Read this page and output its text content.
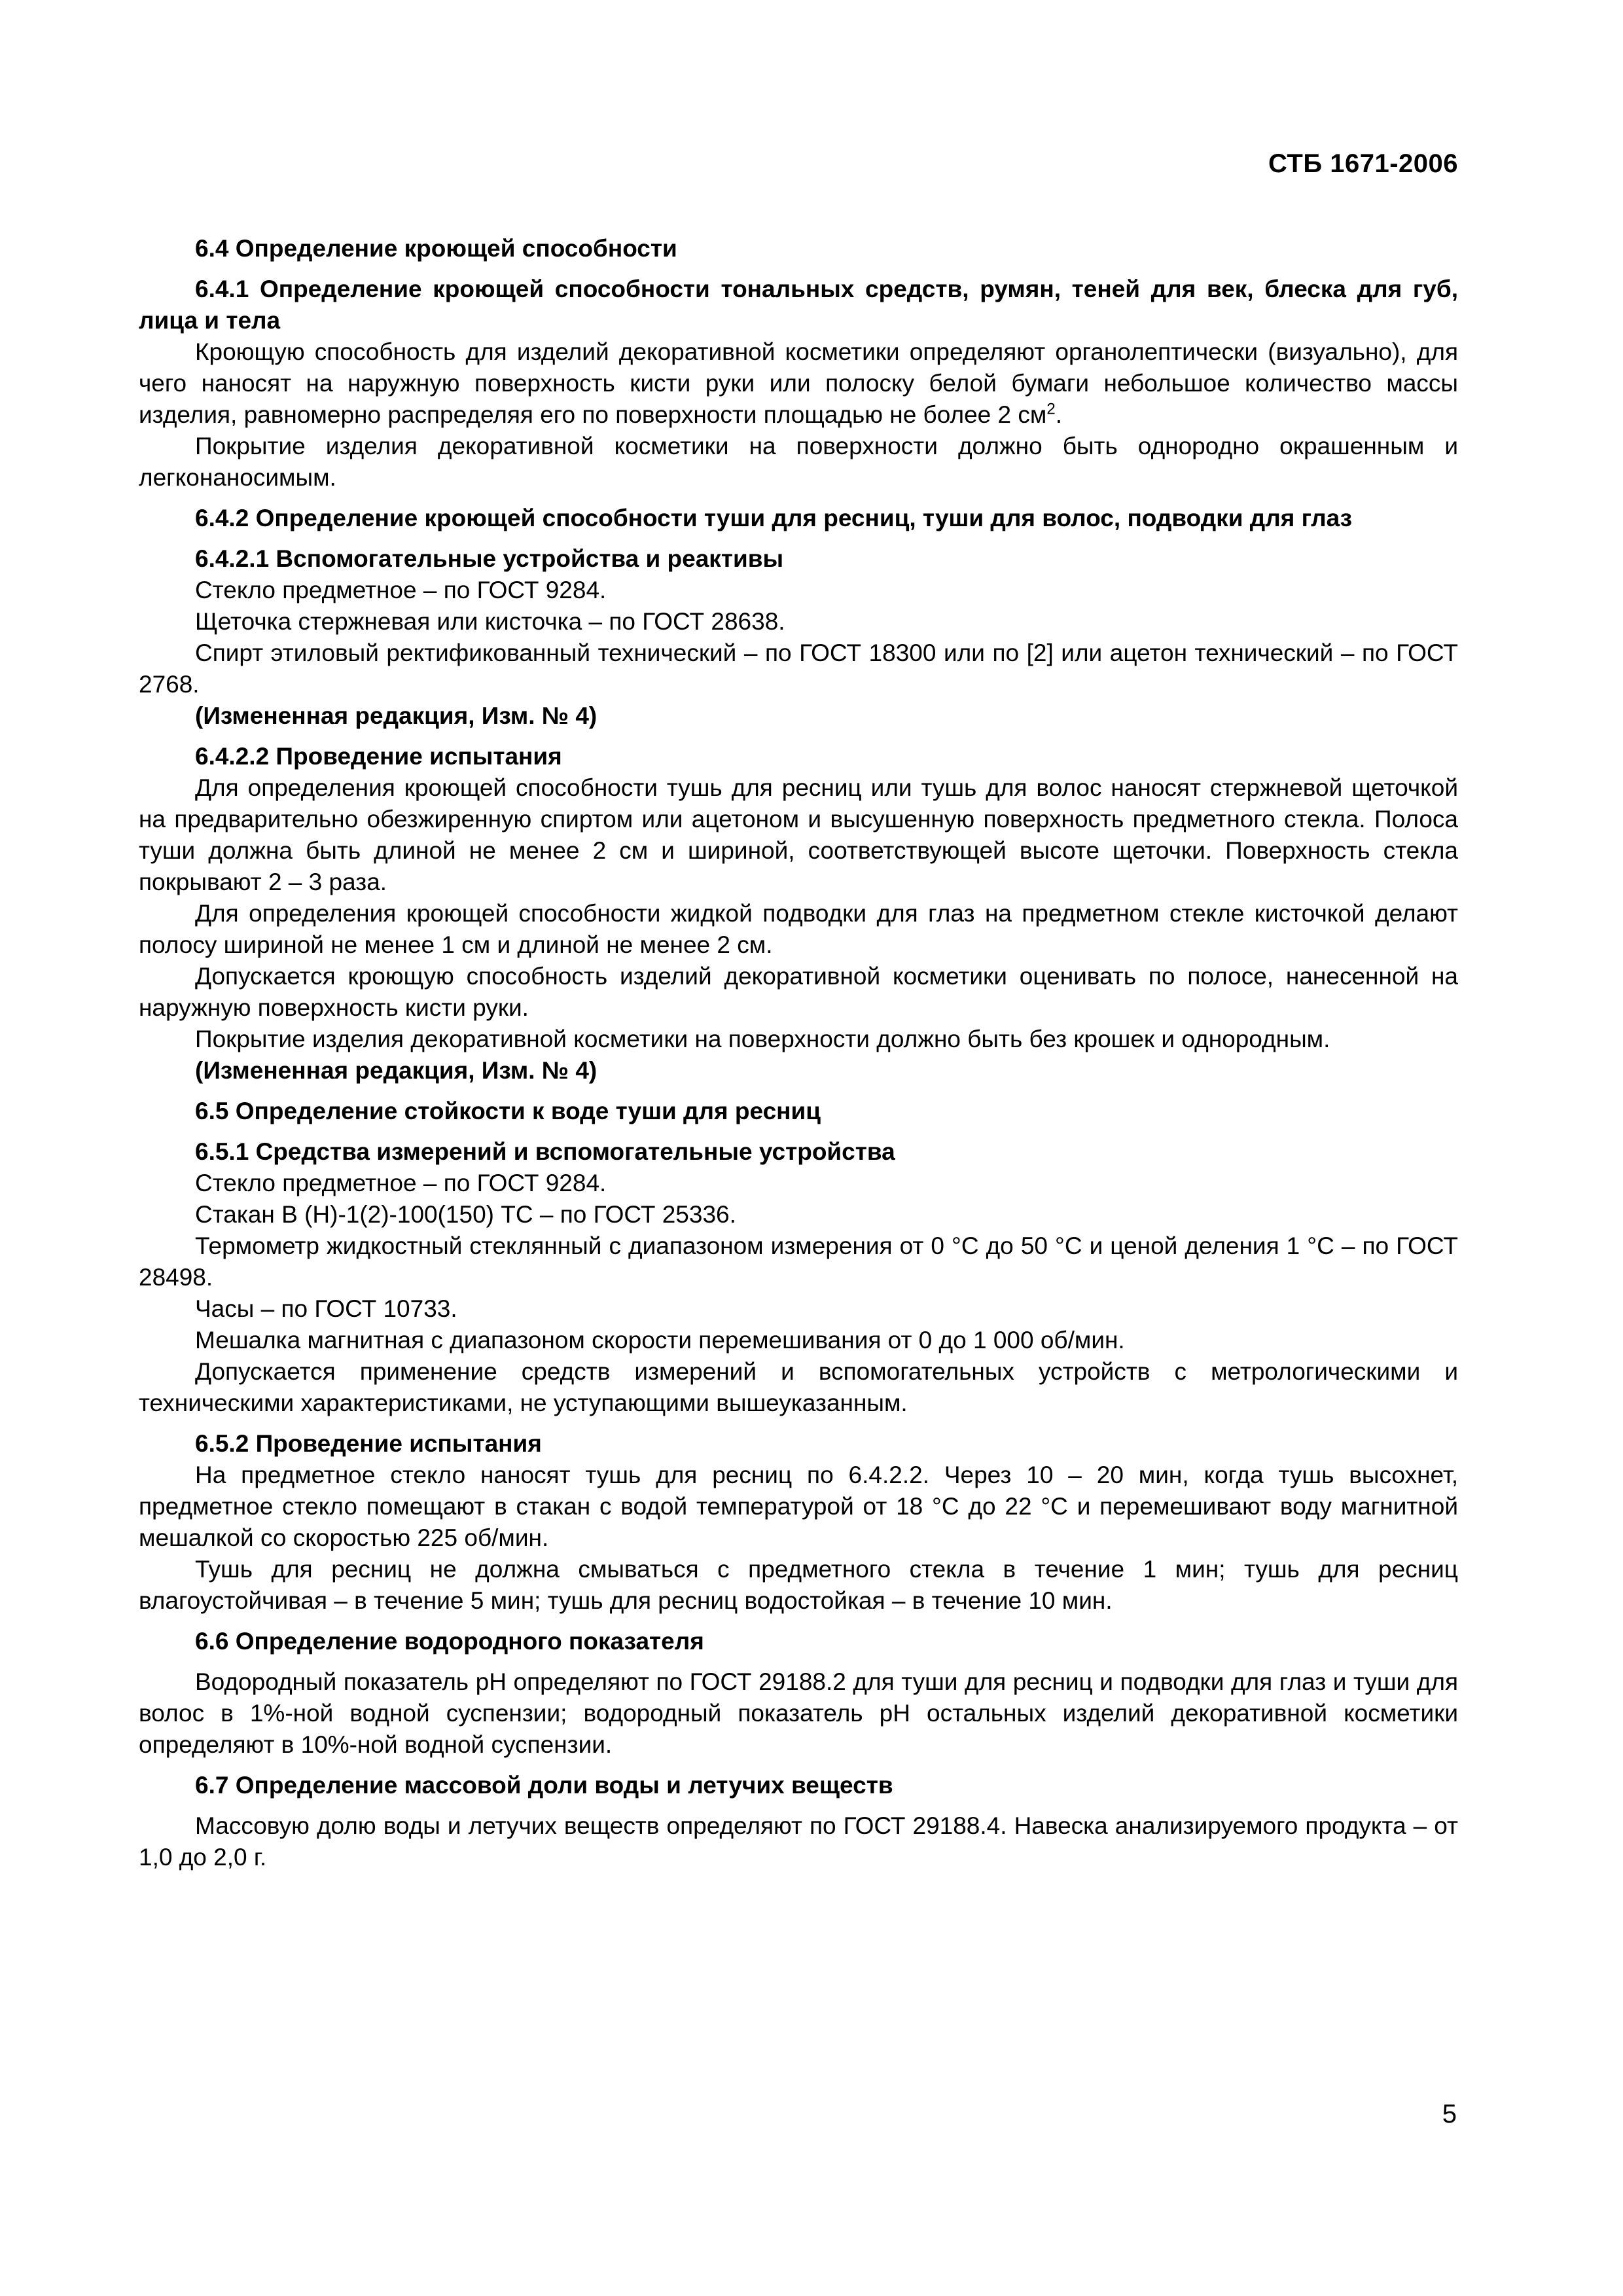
СТБ 1671-2006

6.4 Определение кроющей способности

6.4.1 Определение кроющей способности тональных средств, румян, теней для век, блеска для губ, лица и тела

Кроющую способность для изделий декоративной косметики определяют органолептически (визуально), для чего наносят на наружную поверхность кисти руки или полоску белой бумаги небольшое количество массы изделия, равномерно распределяя его по поверхности площадью не более 2 $см^2$.

Покрытие изделия декоративной косметики на поверхности должно быть однородно окрашенным и легконаносимым.

6.4.2 Определение кроющей способности туши для ресниц, туши для волос, подводки для глаз

6.4.2.1 Вспомогательные устройства и реактивы

Стекло предметное – по ГОСТ 9284.

Щеточка стержневая или кисточка – по ГОСТ 28638.

Спирт этиловый ректификованный технический – по ГОСТ 18300 или по [2] или ацетон технический – по ГОСТ 2768.

(Измененная редакция, Изм. № 4)

6.4.2.2 Проведение испытания

Для определения кроющей способности тушь для ресниц или тушь для волос наносят стержневой щеточкой на предварительно обезжиренную спиртом или ацетоном и высушенную поверхность предметного стекла. Полоса туши должна быть длиной не менее 2 см и шириной, соответствующей высоте щеточки. Поверхность стекла покрывают 2 – 3 раза.

Для определения кроющей способности жидкой подводки для глаз на предметном стекле кисточкой делают полосу шириной не менее 1 см и длиной не менее 2 см.

Допускается кроющую способность изделий декоративной косметики оценивать по полосе, нанесенной на наружную поверхность кисти руки.

Покрытие изделия декоративной косметики на поверхности должно быть без крошек и однородным.

(Измененная редакция, Изм. № 4)

6.5 Определение стойкости к воде туши для ресниц

6.5.1 Средства измерений и вспомогательные устройства

Стекло предметное – по ГОСТ 9284.

Стакан В (Н)-1(2)-100(150) ТС – по ГОСТ 25336.

Термометр жидкостный стеклянный с диапазоном измерения от 0 °С до 50 °С и ценой деления 1 °С – по ГОСТ 28498.

Часы – по ГОСТ 10733.

Мешалка магнитная с диапазоном скорости перемешивания от 0 до 1 000 об/мин.

Допускается применение средств измерений и вспомогательных устройств с метрологическими и техническими характеристиками, не уступающими вышеуказанным.

6.5.2 Проведение испытания

На предметное стекло наносят тушь для ресниц по 6.4.2.2. Через 10 – 20 мин, когда тушь высохнет, предметное стекло помещают в стакан с водой температурой от 18 °С до 22 °С и перемешивают воду магнитной мешалкой со скоростью 225 об/мин.

Тушь для ресниц не должна смываться с предметного стекла в течение 1 мин; тушь для ресниц влагоустойчивая – в течение 5 мин; тушь для ресниц водостойкая – в течение 10 мин.

6.6 Определение водородного показателя

Водородный показатель pH определяют по ГОСТ 29188.2 для туши для ресниц и подводки для глаз и туши для волос в 1%-ной водной суспензии; водородный показатель pH остальных изделий декоративной косметики определяют в 10%-ной водной суспензии.

6.7 Определение массовой доли воды и летучих веществ

Массовую долю воды и летучих веществ определяют по ГОСТ 29188.4. Навеска анализируемого продукта – от 1,0 до 2,0 г.

5
